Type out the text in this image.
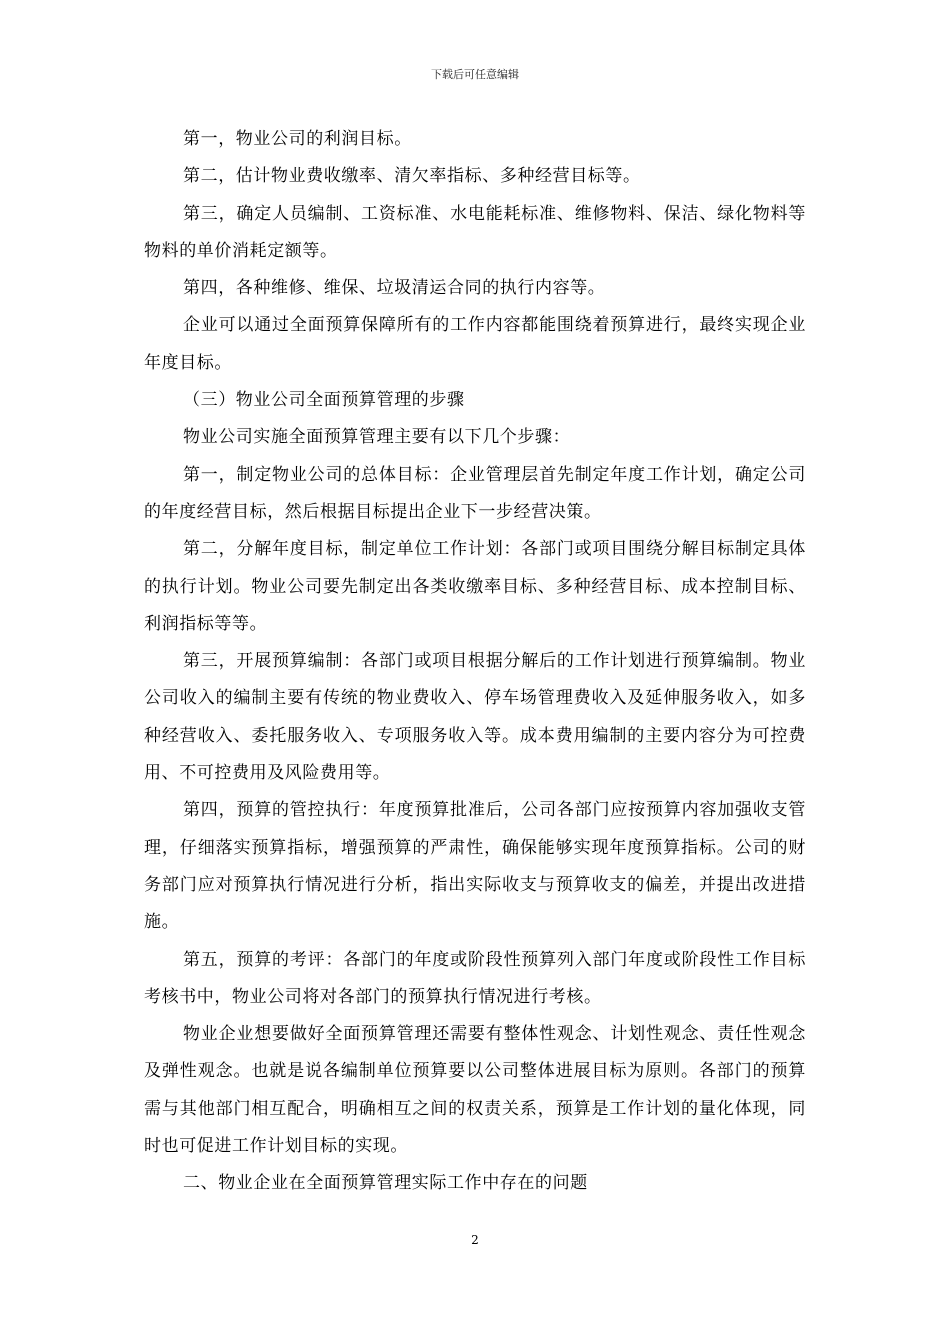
下载后可任意编辑

第一，物业公司的利润目标。

第二，估计物业费收缴率、清欠率指标、多种经营目标等。

第三，确定人员编制、工资标准、水电能耗标准、维修物料、保洁、绿化物料等物料的单价消耗定额等。

第四，各种维修、维保、垃圾清运合同的执行内容等。

企业可以通过全面预算保障所有的工作内容都能围绕着预算进行，最终实现企业年度目标。

（三）物业公司全面预算管理的步骤

物业公司实施全面预算管理主要有以下几个步骤：

第一，制定物业公司的总体目标：企业管理层首先制定年度工作计划，确定公司的年度经营目标，然后根据目标提出企业下一步经营决策。

第二，分解年度目标，制定单位工作计划：各部门或项目围绕分解目标制定具体的执行计划。物业公司要先制定出各类收缴率目标、多种经营目标、成本控制目标、利润指标等等。

第三，开展预算编制：各部门或项目根据分解后的工作计划进行预算编制。物业公司收入的编制主要有传统的物业费收入、停车场管理费收入及延伸服务收入，如多种经营收入、委托服务收入、专项服务收入等。成本费用编制的主要内容分为可控费用、不可控费用及风险费用等。

第四，预算的管控执行：年度预算批准后，公司各部门应按预算内容加强收支管理，仔细落实预算指标，增强预算的严肃性，确保能够实现年度预算指标。公司的财务部门应对预算执行情况进行分析，指出实际收支与预算收支的偏差，并提出改进措施。

第五，预算的考评：各部门的年度或阶段性预算列入部门年度或阶段性工作目标考核书中，物业公司将对各部门的预算执行情况进行考核。

物业企业想要做好全面预算管理还需要有整体性观念、计划性观念、责任性观念及弹性观念。也就是说各编制单位预算要以公司整体进展目标为原则。各部门的预算需与其他部门相互配合，明确相互之间的权责关系，预算是工作计划的量化体现，同时也可促进工作计划目标的实现。

二、物业企业在全面预算管理实际工作中存在的问题

2
